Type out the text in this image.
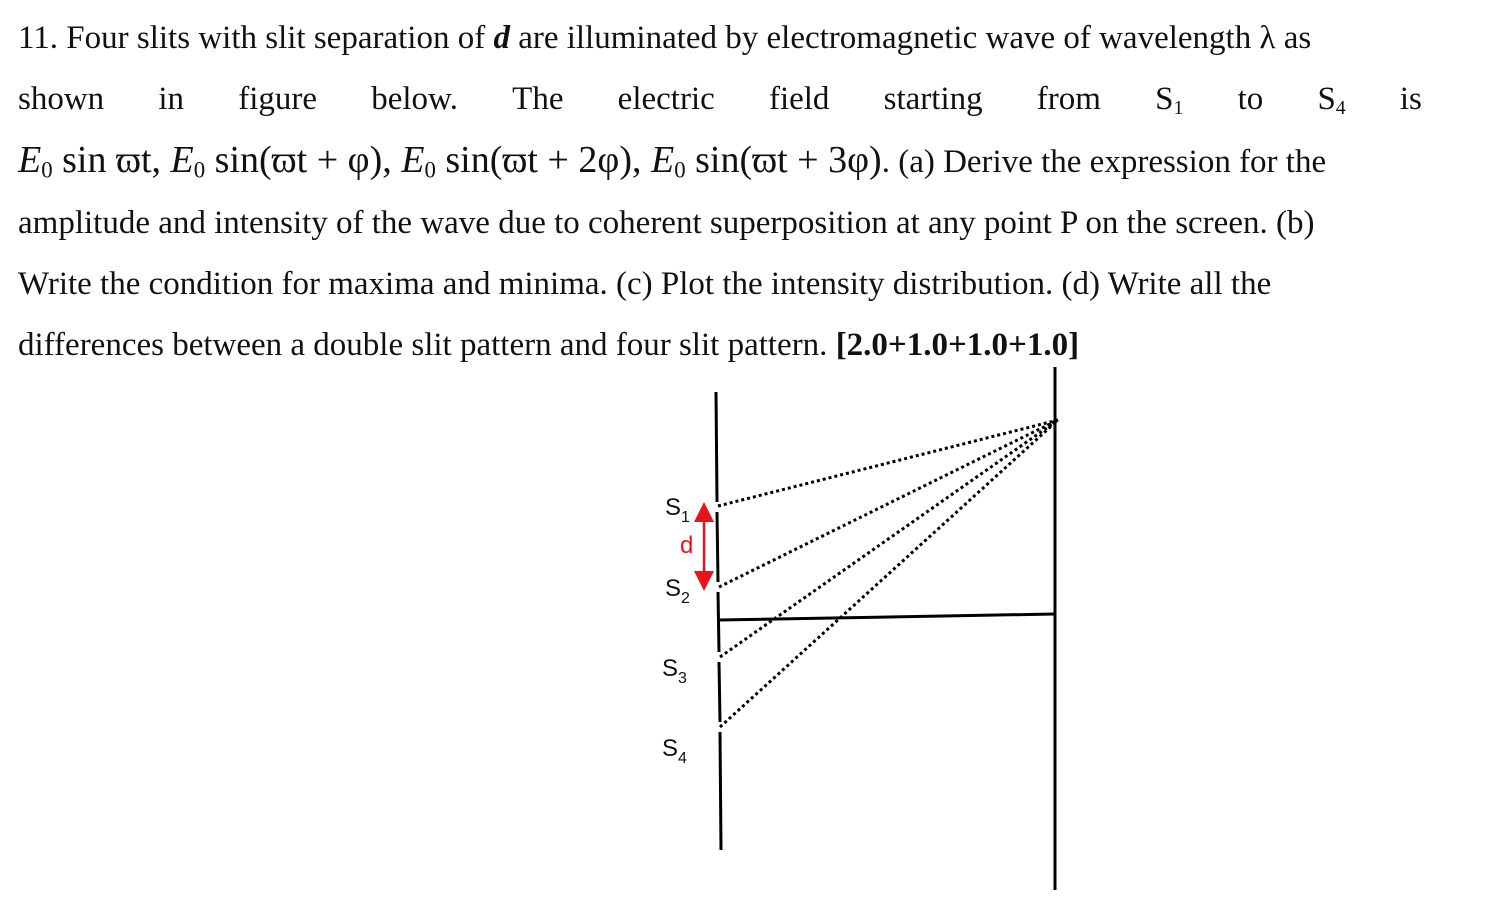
11. Four slits with slit separation of d are illuminated by electromagnetic wave of wavelength λ as
shown in figure below. The electric field starting from $S_1$ to $S_4$ is
$E_0$ sin ϖt, $E_0$ sin(ϖt + φ), $E_0$ sin(ϖt + 2φ), $E_0$ sin(ϖt + 3φ). (a) Derive the expression for the
amplitude and intensity of the wave due to coherent superposition at any point P on the screen. (b)
Write the condition for maxima and minima. (c) Plot the intensity distribution. (d) Write all the
differences between a double slit pattern and four slit pattern. [2.0+1.0+1.0+1.0]
d
$S_1$
$S_2$
$S_3$
$S_4$
